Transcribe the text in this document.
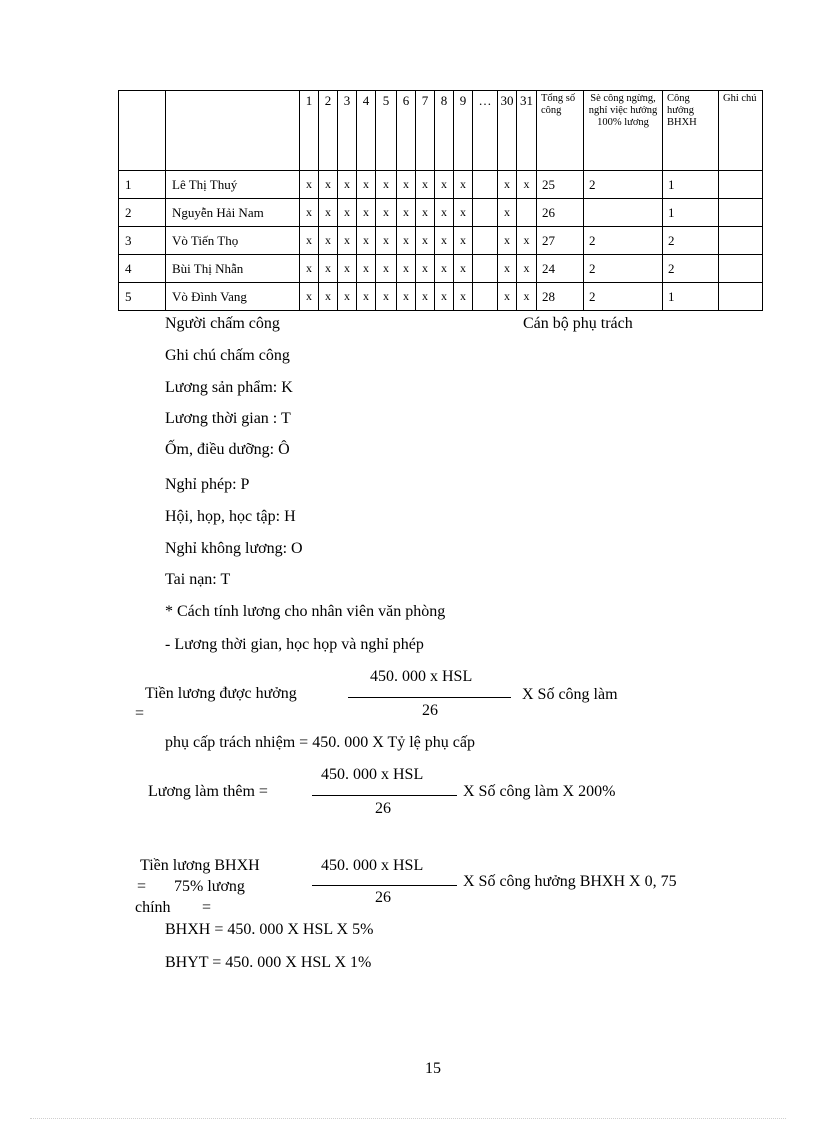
		1	2	3	4	5	6	7	8	9	…	30	31	Tổng số công	Sè công ngừng, nghỉ việc hưởng 100% lương	Công hưởng BHXH	Ghi chú
1	Lê Thị Thuý	x	x	x	x	x	x	x	x	x		x	x	25	2	1	
2	Nguyễn Hải Nam	x	x	x	x	x	x	x	x	x		x		26		1	
3	Vò Tiến Thọ	x	x	x	x	x	x	x	x	x		x	x	27	2	2	
4	Bùi Thị Nhẫn	x	x	x	x	x	x	x	x	x		x	x	24	2	2	
5	Vò Đình Vang	x	x	x	x	x	x	x	x	x		x	x	28	2	1	
Người chấm công	Cán bộ phụ trách
Ghi chú chấm công
Lương sản phẩm: K
Lương thời gian : T
Ốm, điều dưỡng: Ô
Nghỉ phép: P
Hội, họp, học tập: H
Nghỉ không lương: O
Tai nạn: T
* Cách tính lương cho nhân viên văn phòng
- Lương thời gian, học họp và nghỉ phép
Tiền lương được hưởng
=
450. 000 x HSL
26
X Số công làm
phụ cấp trách nhiệm = 450. 000 X Tỷ lệ phụ cấp
Lương làm thêm =
450. 000 x HSL
26
X Số công làm X 200%
Tiền lương BHXH
= 75% lương
chính =
450. 000 x HSL
26
X Số công hưởng BHXH X 0, 75
BHXH = 450. 000 X HSL X 5%
BHYT = 450. 000 X HSL X 1%
15
